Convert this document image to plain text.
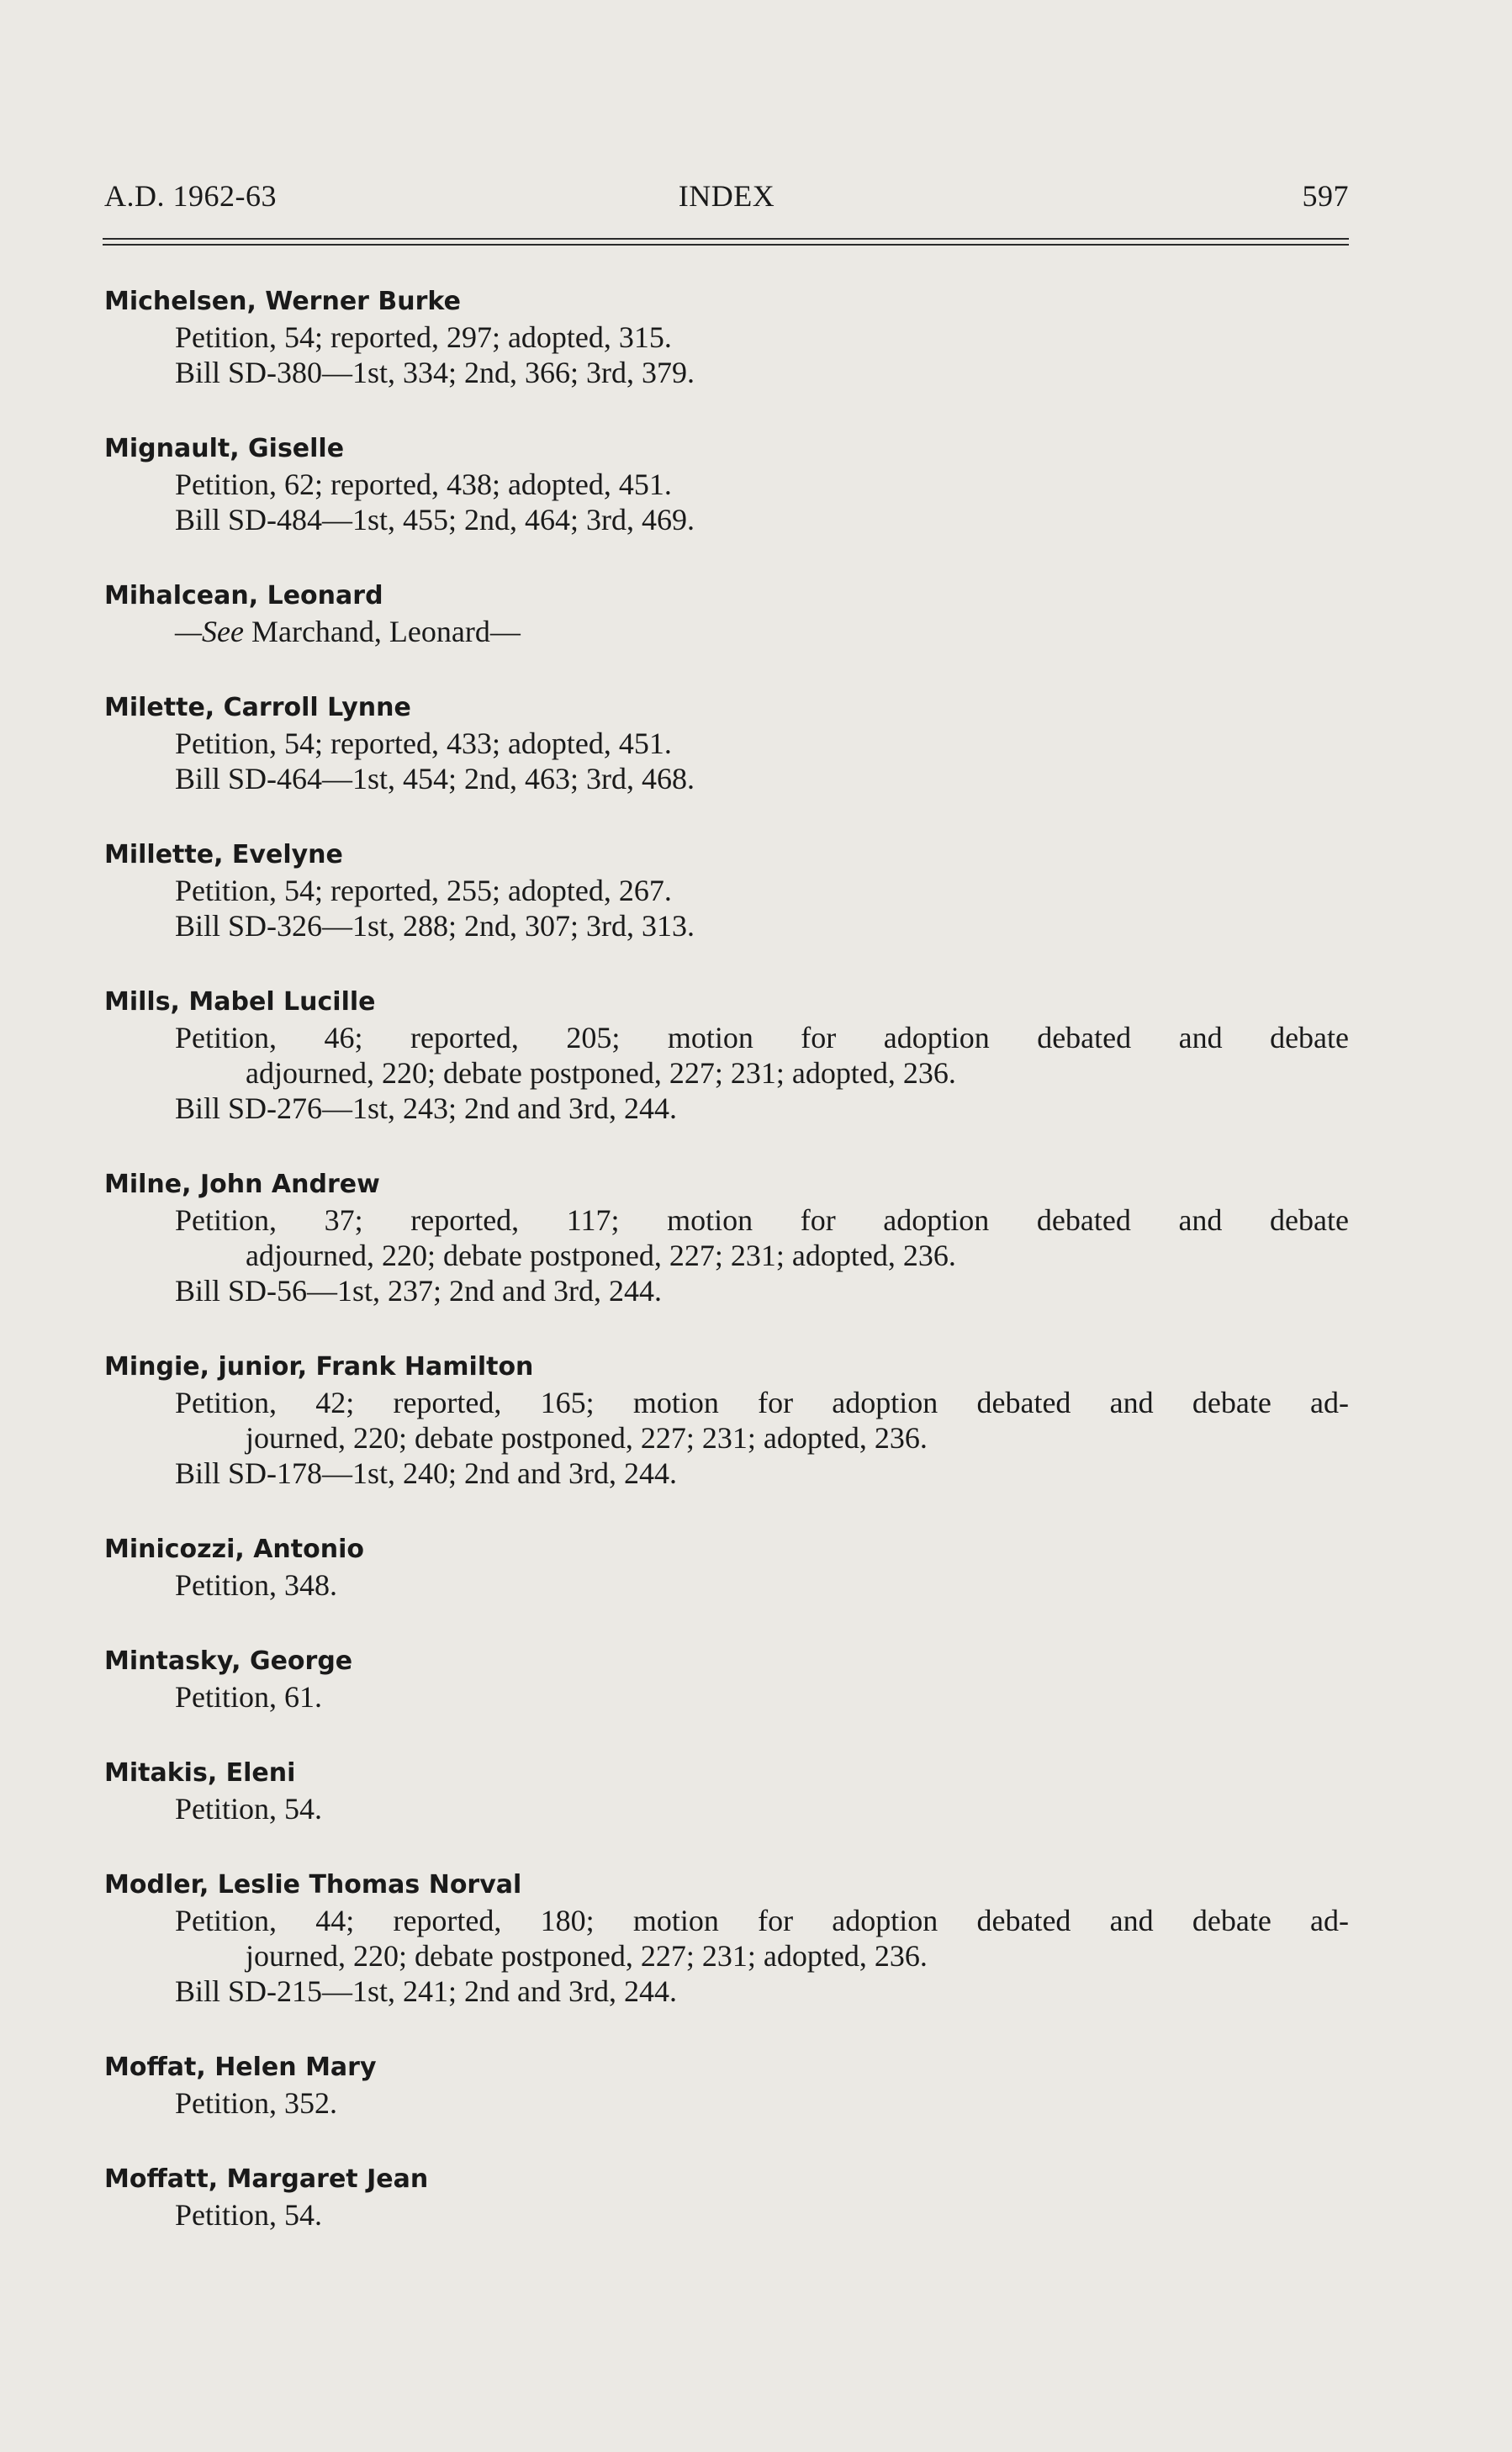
A.D. 1962-63	INDEX	597
Michelsen, Werner Burke
Petition, 54; reported, 297; adopted, 315.
Bill SD-380—1st, 334; 2nd, 366; 3rd, 379.
Mignault, Giselle
Petition, 62; reported, 438; adopted, 451.
Bill SD-484—1st, 455; 2nd, 464; 3rd, 469.
Mihalcean, Leonard
—See Marchand, Leonard—
Milette, Carroll Lynne
Petition, 54; reported, 433; adopted, 451.
Bill SD-464—1st, 454; 2nd, 463; 3rd, 468.
Millette, Evelyne
Petition, 54; reported, 255; adopted, 267.
Bill SD-326—1st, 288; 2nd, 307; 3rd, 313.
Mills, Mabel Lucille
Petition, 46; reported, 205; motion for adoption debated and debate
adjourned, 220; debate postponed, 227; 231; adopted, 236.
Bill SD-276—1st, 243; 2nd and 3rd, 244.
Milne, John Andrew
Petition, 37; reported, 117; motion for adoption debated and debate
adjourned, 220; debate postponed, 227; 231; adopted, 236.
Bill SD-56—1st, 237; 2nd and 3rd, 244.
Mingie, junior, Frank Hamilton
Petition, 42; reported, 165; motion for adoption debated and debate ad-
journed, 220; debate postponed, 227; 231; adopted, 236.
Bill SD-178—1st, 240; 2nd and 3rd, 244.
Minicozzi, Antonio
Petition, 348.
Mintasky, George
Petition, 61.
Mitakis, Eleni
Petition, 54.
Modler, Leslie Thomas Norval
Petition, 44; reported, 180; motion for adoption debated and debate ad-
journed, 220; debate postponed, 227; 231; adopted, 236.
Bill SD-215—1st, 241; 2nd and 3rd, 244.
Moffat, Helen Mary
Petition, 352.
Moffatt, Margaret Jean
Petition, 54.
